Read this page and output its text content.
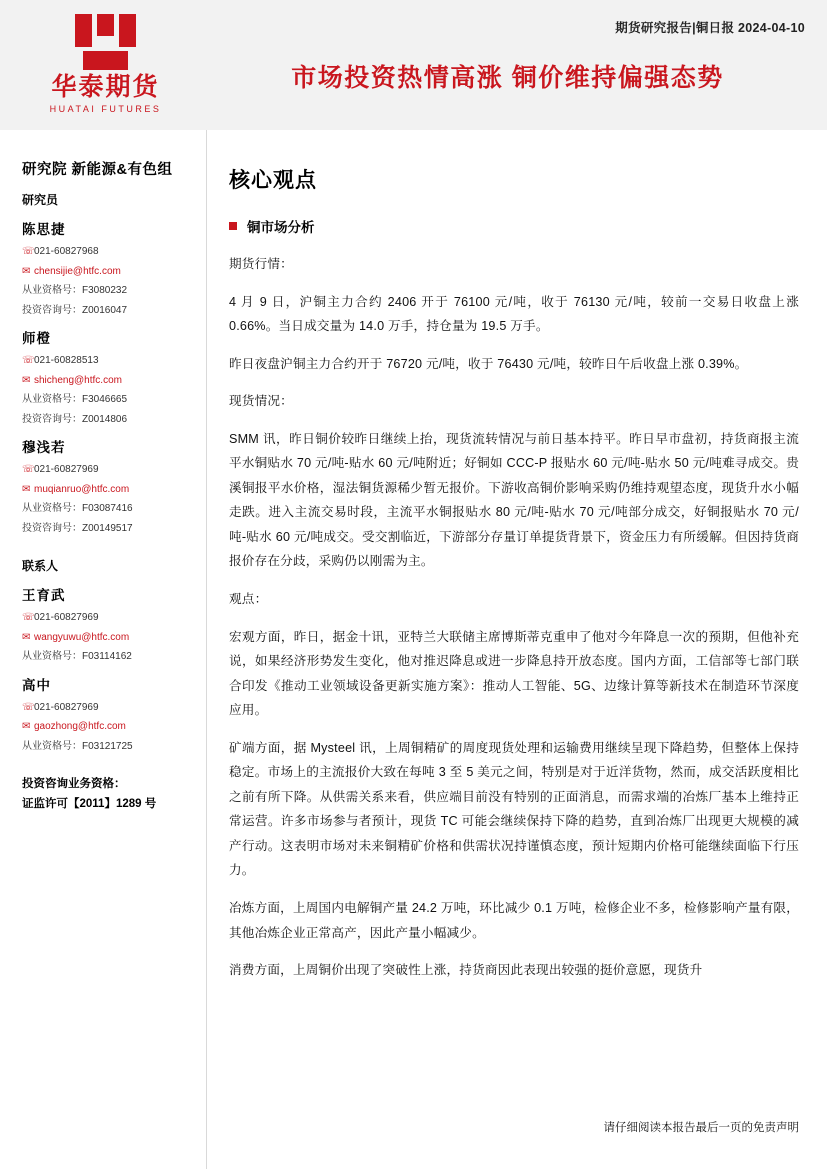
华泰期货
HUATAI FUTURES
期货研究报告|铜日报 2024-04-10
市场投资热情高涨 铜价维持偏强态势
研究院 新能源&有色组
研究员
陈思捷
☏021-60827968
✉ chensijie@htfc.com
从业资格号：F3080232
投资咨询号：Z0016047
师橙
☏021-60828513
✉ shicheng@htfc.com
从业资格号：F3046665
投资咨询号：Z0014806
穆浅若
☏021-60827969
✉ muqianruo@htfc.com
从业资格号：F03087416
投资咨询号：Z00149517
联系人
王育武
☏021-60827969
✉ wangyuwu@htfc.com
从业资格号：F03114162
高中
☏021-60827969
✉ gaozhong@htfc.com
从业资格号：F03121725
投资咨询业务资格：
证监许可【2011】1289 号
核心观点
铜市场分析

期货行情：

4 月 9 日，沪铜主力合约 2406 开于 76100 元/吨，收于 76130 元/吨，较前一交易日收盘上涨 0.66%。当日成交量为 14.0 万手，持仓量为 19.5 万手。

昨日夜盘沪铜主力合约开于 76720 元/吨，收于 76430 元/吨，较昨日午后收盘上涨 0.39%。

现货情况：

SMM 讯，昨日铜价较昨日继续上抬，现货流转情况与前日基本持平。昨日早市盘初，持货商报主流平水铜贴水 70 元/吨-贴水 60 元/吨附近；好铜如 CCC-P 报贴水 60 元/吨-贴水 50 元/吨难寻成交。贵溪铜报平水价格，湿法铜货源稀少暂无报价。下游收高铜价影响采购仍维持观望态度，现货升水小幅走跌。进入主流交易时段，主流平水铜报贴水 80 元/吨-贴水 70 元/吨部分成交，好铜报贴水 70 元/吨-贴水 60 元/吨成交。受交割临近，下游部分存量订单提货背景下，资金压力有所缓解。但因持货商报价存在分歧，采购仍以刚需为主。

观点：

宏观方面，昨日，据金十讯，亚特兰大联储主席博斯蒂克重申了他对今年降息一次的预期，但他补充说，如果经济形势发生变化，他对推迟降息或进一步降息持开放态度。国内方面，工信部等七部门联合印发《推动工业领域设备更新实施方案》：推动人工智能、5G、边缘计算等新技术在制造环节深度应用。

矿端方面，据 Mysteel 讯，上周铜精矿的周度现货处理和运输费用继续呈现下降趋势，但整体上保持稳定。市场上的主流报价大致在每吨 3 至 5 美元之间，特别是对于近洋货物，然而，成交活跃度相比之前有所下降。从供需关系来看，供应端目前没有特别的正面消息，而需求端的冶炼厂基本上维持正常运营。许多市场参与者预计，现货 TC 可能会继续保持下降的趋势，直到冶炼厂出现更大规模的减产行动。这表明市场对未来铜精矿价格和供需状况持谨慎态度，预计短期内价格可能继续面临下行压力。

冶炼方面，上周国内电解铜产量 24.2 万吨，环比减少 0.1 万吨，检修企业不多，检修影响产量有限，其他冶炼企业正常高产，因此产量小幅减少。

消费方面，上周铜价出现了突破性上涨，持货商因此表现出较强的挺价意愿，现货升

请仔细阅读本报告最后一页的免责声明
